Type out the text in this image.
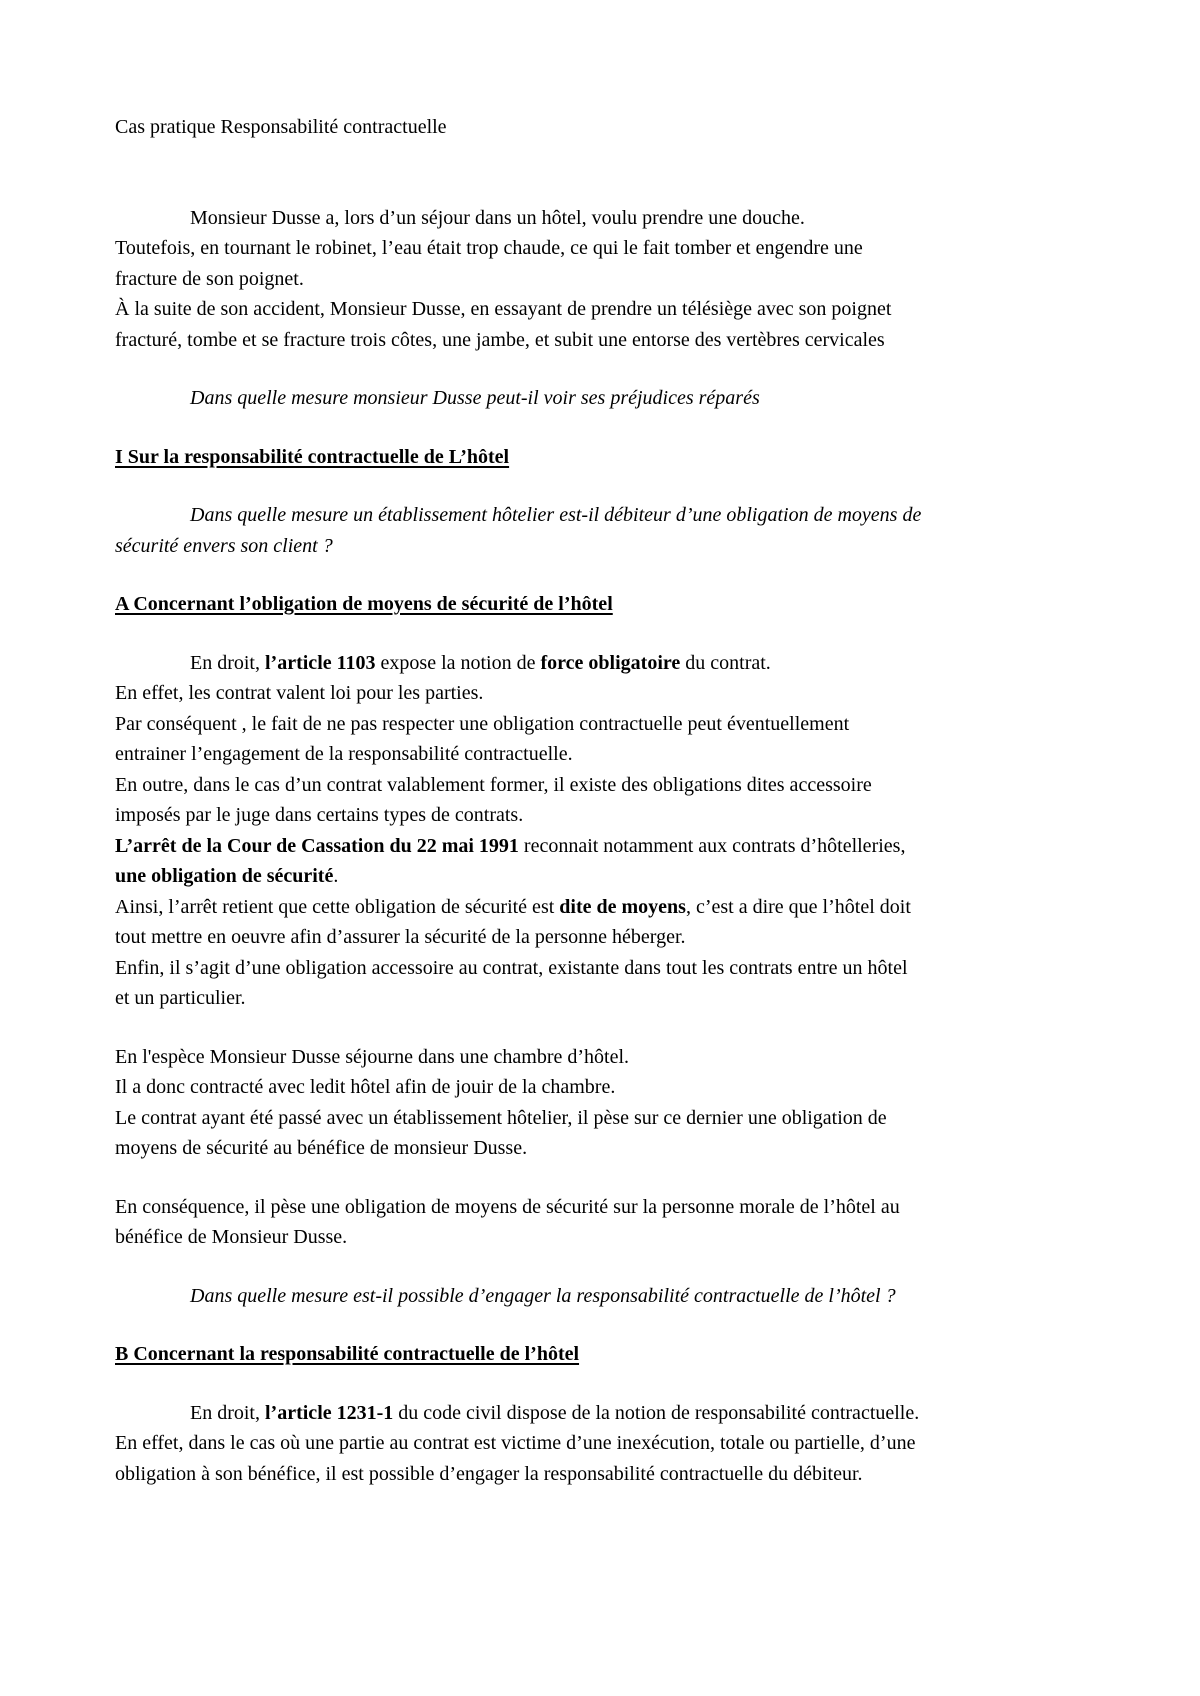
Cas pratique Responsabilité contractuelle
Monsieur Dusse a, lors d’un séjour dans un hôtel, voulu prendre une douche.
Toutefois, en tournant le robinet, l’eau était trop chaude, ce qui le fait tomber et engendre une
fracture de son poignet.
À la suite de son accident, Monsieur Dusse, en essayant de prendre un télésiège avec son poignet
fracturé, tombe et se fracture trois côtes, une jambe, et subit une entorse des vertèbres cervicales
Dans quelle mesure monsieur Dusse peut-il voir ses préjudices réparés
I Sur la responsabilité contractuelle de L’hôtel
Dans quelle mesure un établissement hôtelier est-il débiteur d’une obligation de moyens de
sécurité envers son client ?
A Concernant l’obligation de moyens de sécurité de l’hôtel
En droit, l’article 1103 expose la notion de force obligatoire du contrat.
En effet, les contrat valent loi pour les parties.
Par conséquent , le fait de ne pas respecter une obligation contractuelle peut éventuellement
entrainer l’engagement de la responsabilité contractuelle.
En outre, dans le cas d’un contrat valablement former, il existe des obligations dites accessoire
imposés par le juge dans certains types de contrats.
L’arrêt de la Cour de Cassation du 22 mai 1991 reconnait notamment aux contrats d’hôtelleries,
une obligation de sécurité.
Ainsi, l’arrêt retient que cette obligation de sécurité est dite de moyens, c’est a dire que l’hôtel doit
tout mettre en oeuvre afin d’assurer la sécurité de la personne héberger.
Enfin, il s’agit d’une obligation accessoire au contrat, existante dans tout les contrats entre un hôtel
et un particulier.
En l'espèce Monsieur Dusse séjourne dans une chambre d’hôtel.
Il a donc contracté avec ledit hôtel afin de jouir de la chambre.
Le contrat ayant été passé avec un établissement hôtelier, il pèse sur ce dernier une obligation de
moyens de sécurité au bénéfice de monsieur Dusse.
En conséquence, il pèse une obligation de moyens de sécurité sur la personne morale de l’hôtel au
bénéfice de Monsieur Dusse.
Dans quelle mesure est-il possible d’engager la responsabilité contractuelle de l’hôtel ?
B Concernant la responsabilité contractuelle de l’hôtel
En droit, l’article 1231-1 du code civil dispose de la notion de responsabilité contractuelle.
En effet, dans le cas où une partie au contrat est victime d’une inexécution, totale ou partielle, d’une
obligation à son bénéfice, il est possible d’engager la responsabilité contractuelle du débiteur.
